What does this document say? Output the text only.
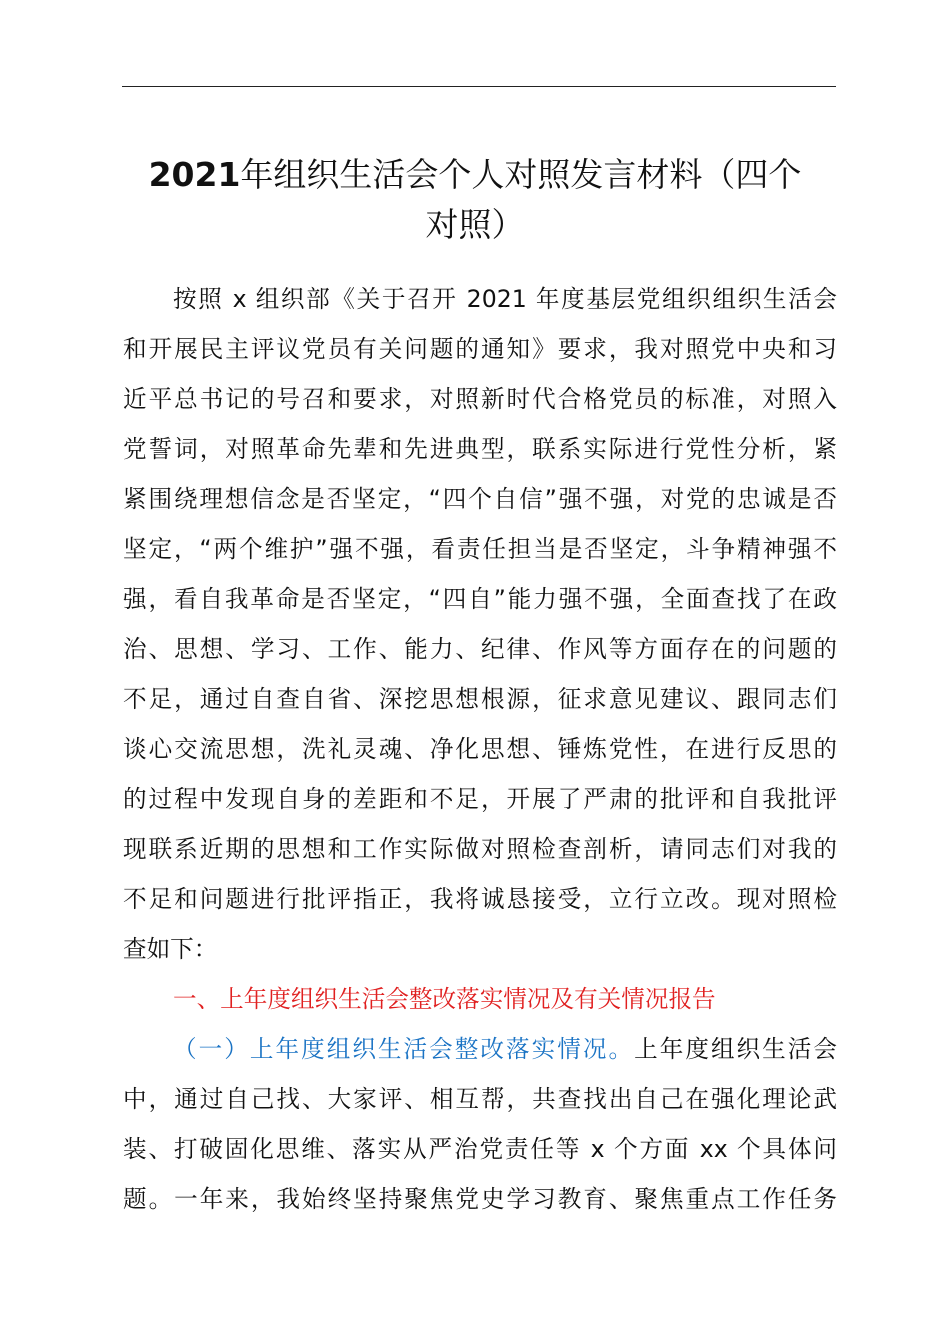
2021年组织生活会个人对照发言材料（四个
对照）
按照 x 组织部《关于召开 2021 年度基层党组织组织生活会
和开展民主评议党员有关问题的通知》要求，我对照党中央和习
近平总书记的号召和要求，对照新时代合格党员的标准，对照入
党誓词，对照革命先辈和先进典型，联系实际进行党性分析，紧
紧围绕理想信念是否坚定，“四个自信”强不强，对党的忠诚是否
坚定，“两个维护”强不强，看责任担当是否坚定，斗争精神强不
强，看自我革命是否坚定，“四自”能力强不强，全面查找了在政
治、思想、学习、工作、能力、纪律、作风等方面存在的问题的
不足，通过自查自省、深挖思想根源，征求意见建议、跟同志们
谈心交流思想，洗礼灵魂、净化思想、锤炼党性，在进行反思的
的过程中发现自身的差距和不足，开展了严肃的批评和自我批评
现联系近期的思想和工作实际做对照检查剖析，请同志们对我的
不足和问题进行批评指正，我将诚恳接受，立行立改。现对照检
查如下：
一、上年度组织生活会整改落实情况及有关情况报告
（一）上年度组织生活会整改落实情况。上年度组织生活会
中，通过自己找、大家评、相互帮，共查找出自己在强化理论武
装、打破固化思维、落实从严治党责任等 x 个方面 xx 个具体问
题。一年来，我始终坚持聚焦党史学习教育、聚焦重点工作任务
